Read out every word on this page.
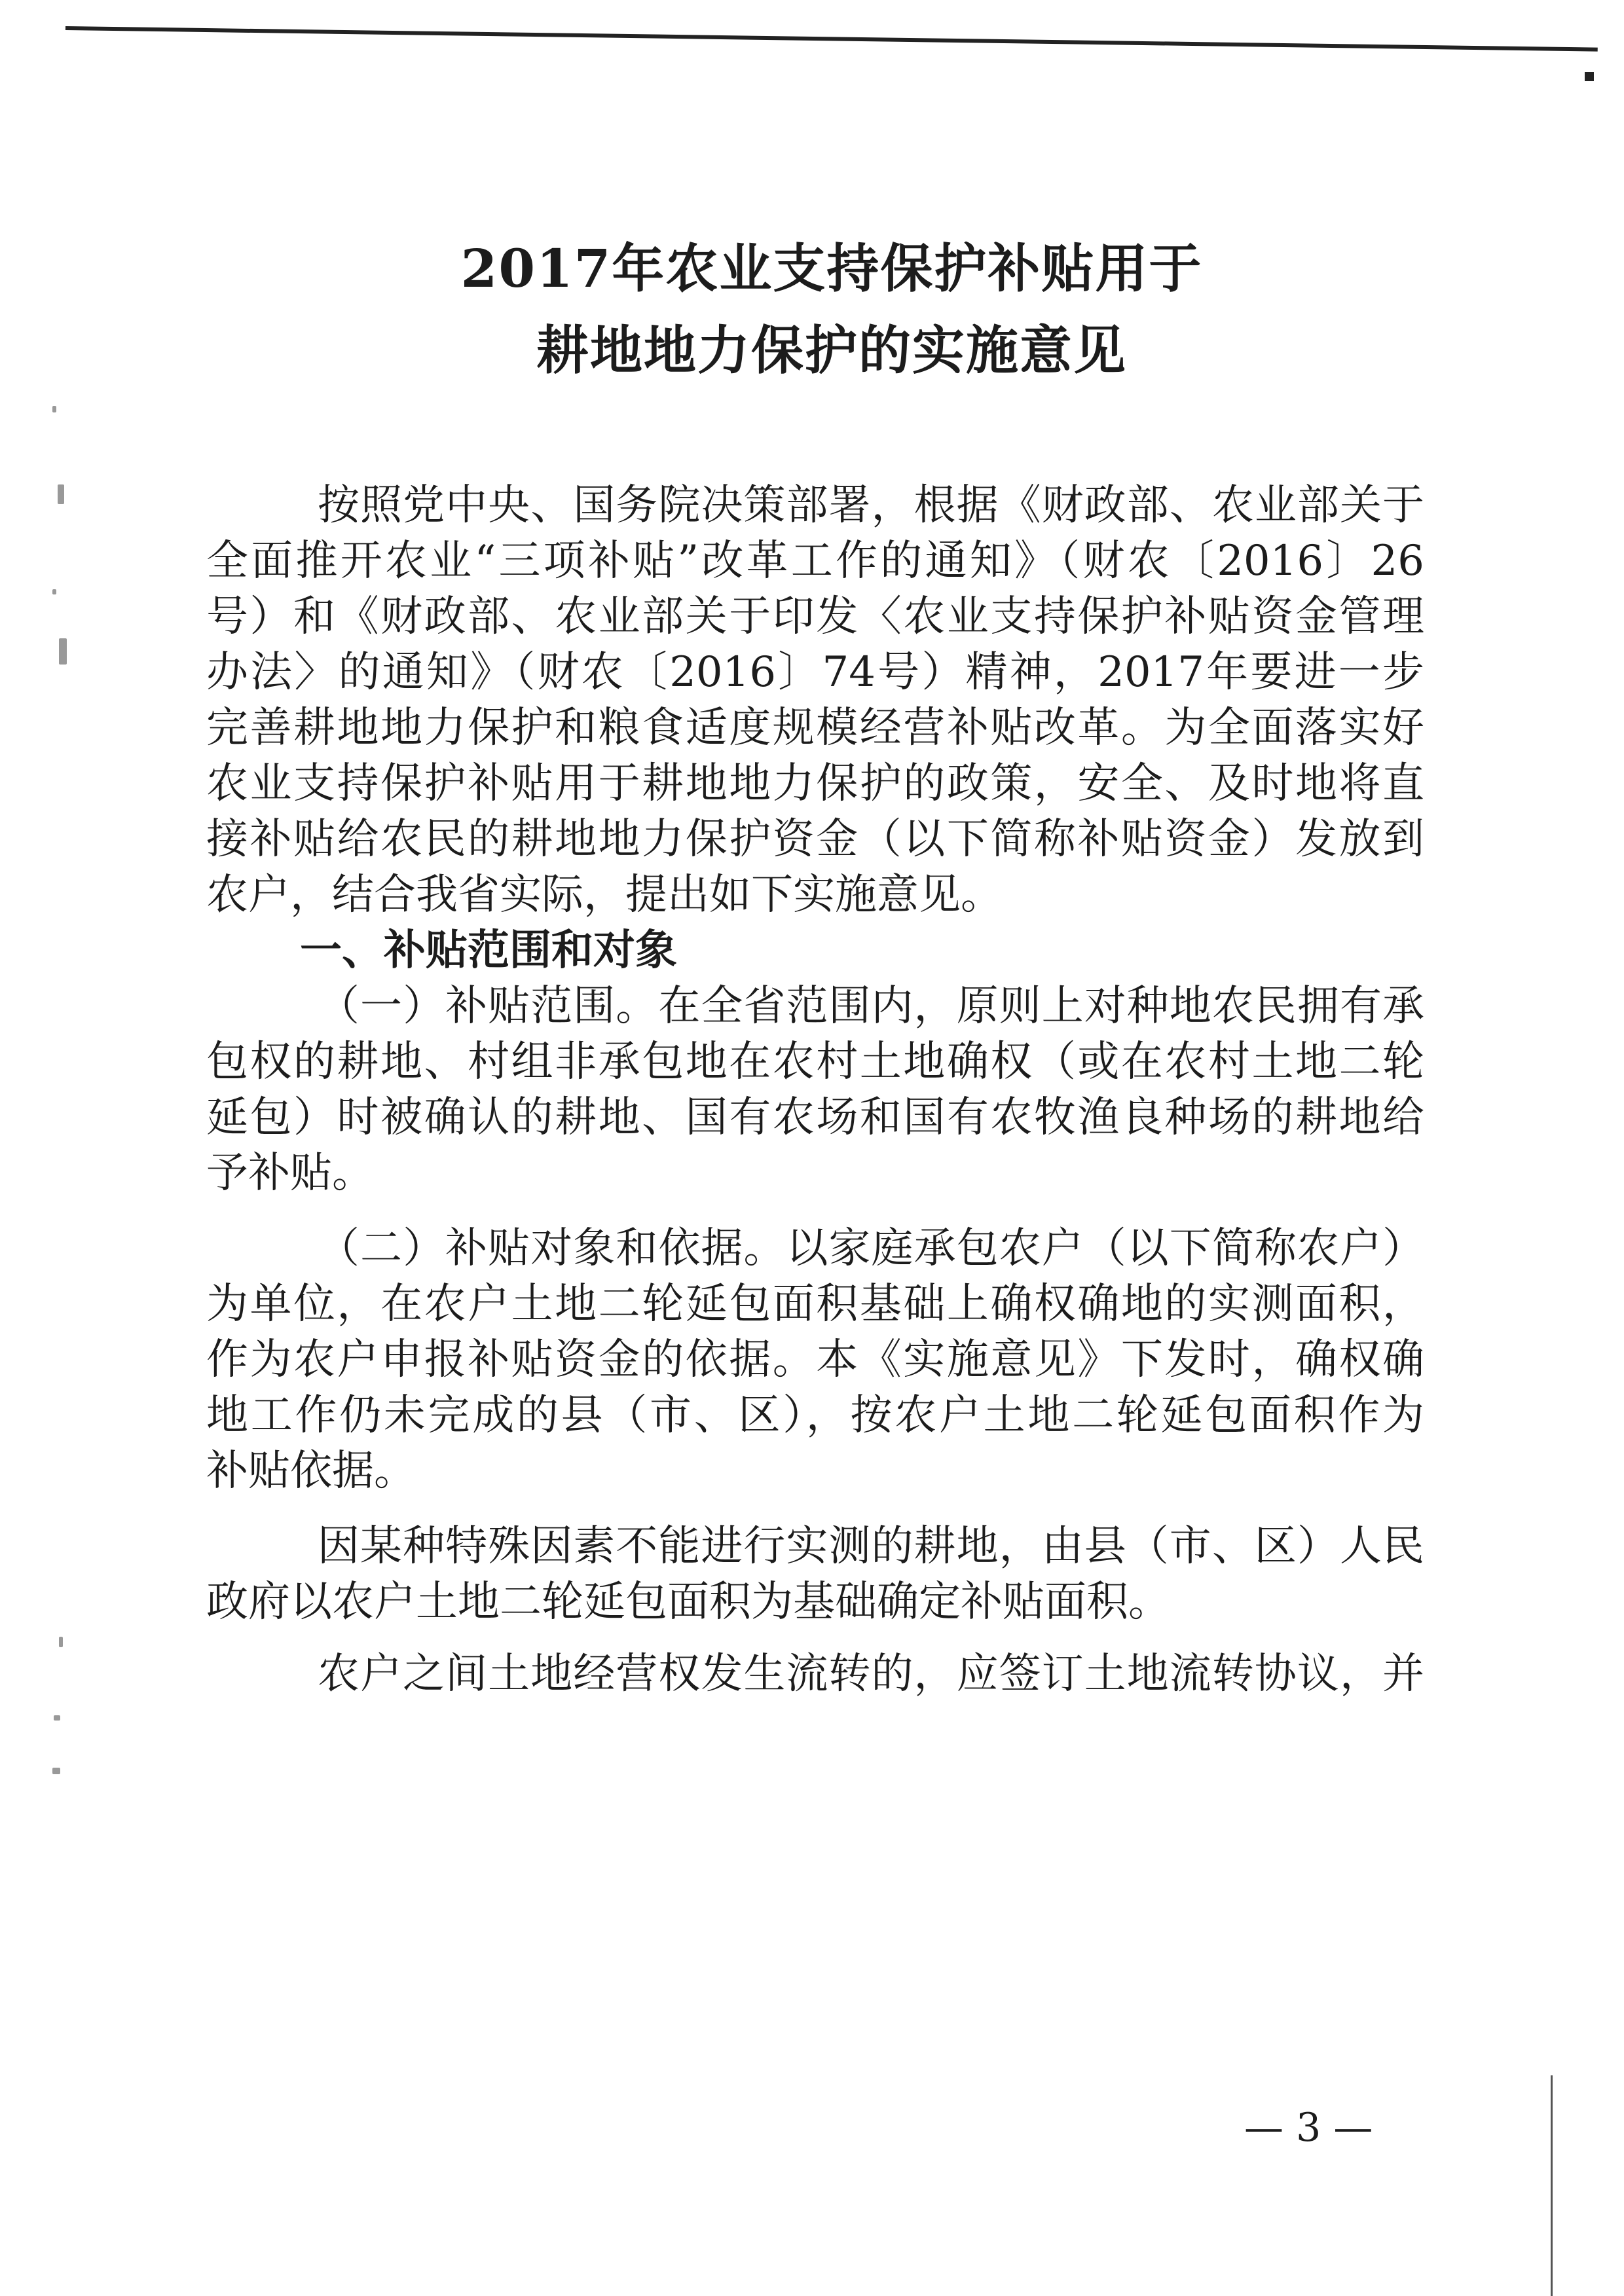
2017年农业支持保护补贴用于
耕地地力保护的实施意见

按照党中央、国务院决策部署，根据《财政部、农业部关于

全面推开农业“三项补贴”改革工作的通知》（财农〔2016〕26

号）和《财政部、农业部关于印发〈农业支持保护补贴资金管理

办法〉的通知》（财农〔2016〕74号）精神，2017年要进一步

完善耕地地力保护和粮食适度规模经营补贴改革。为全面落实好

农业支持保护补贴用于耕地地力保护的政策，安全、及时地将直

接补贴给农民的耕地地力保护资金（以下简称补贴资金）发放到

农户，结合我省实际，提出如下实施意见。

一、补贴范围和对象

（一）补贴范围。在全省范围内，原则上对种地农民拥有承

包权的耕地、村组非承包地在农村土地确权（或在农村土地二轮

延包）时被确认的耕地、国有农场和国有农牧渔良种场的耕地给

予补贴。

（二）补贴对象和依据。以家庭承包农户（以下简称农户）

为单位，在农户土地二轮延包面积基础上确权确地的实测面积，

作为农户申报补贴资金的依据。本《实施意见》下发时，确权确

地工作仍未完成的县（市、区），按农户土地二轮延包面积作为

补贴依据。

因某种特殊因素不能进行实测的耕地，由县（市、区）人民

政府以农户土地二轮延包面积为基础确定补贴面积。

农户之间土地经营权发生流转的，应签订土地流转协议，并

— 3 —
